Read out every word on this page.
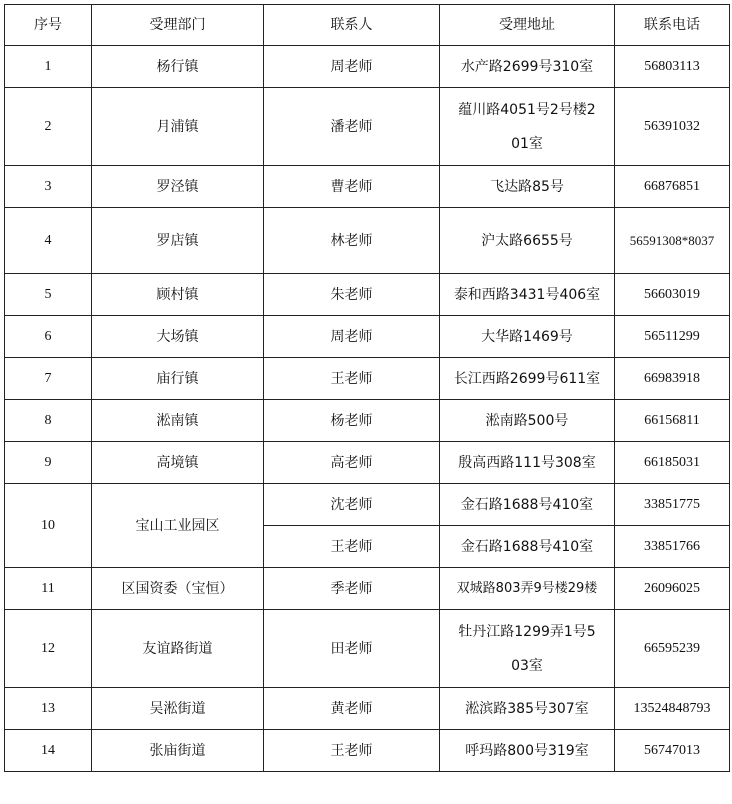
序号	受理部门	联系人	受理地址	联系电话
1	杨行镇	周老师	水产路2699号310室	56803113
2	月浦镇	潘老师	蕴川路4051号2号楼201室	56391032
3	罗泾镇	曹老师	飞达路85号	66876851
4	罗店镇	林老师	沪太路6655号	56591308*8037
5	顾村镇	朱老师	泰和西路3431号406室	56603019
6	大场镇	周老师	大华路1469号	56511299
7	庙行镇	王老师	长江西路2699号611室	66983918
8	淞南镇	杨老师	淞南路500号	66156811
9	高境镇	高老师	殷高西路111号308室	66185031
10	宝山工业园区	沈老师	金石路1688号410室	33851775
		王老师	金石路1688号410室	33851766
11	区国资委（宝恒）	季老师	双城路803弄9号楼29楼	26096025
12	友谊路街道	田老师	牡丹江路1299弄1号503室	66595239
13	吴淞街道	黄老师	淞滨路385号307室	13524848793
14	张庙街道	王老师	呼玛路800号319室	56747013
